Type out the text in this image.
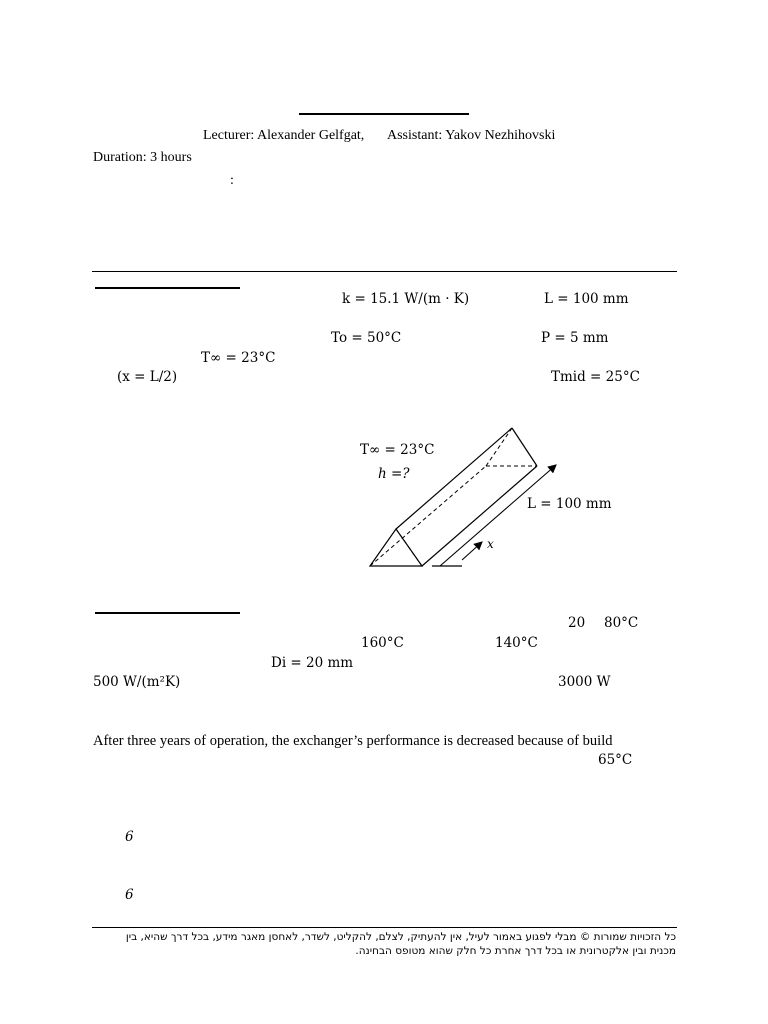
Lecturer: Alexander Gelfgat, Assistant: Yakov Nezhihovski
Duration: 3 hours
:
k = 15.1 W/(m · K)	L = 100 mm
To = 50°C	P = 5 mm
T∞ = 23°C
(x = L/2)	Tmid = 25°C
T∞ = 23°C
h =?
L = 100 mm
x
20 80°C
160°C	140°C
Di = 20 mm
500 W/(m²K)	3000 W
After three years of operation, the exchanger’s performance is decreased because of build
65°C
6
6
כל הזכויות שמורות © מבלי לפגוע באמור לעיל, אין להעתיק, לצלם, להקליט, לשדר, לאחסן מאגר מידע, בכל דרך שהיא, בין
מכנית ובין אלקטרונית או בכל דרך אחרת כל חלק שהוא מטופס הבחינה.
